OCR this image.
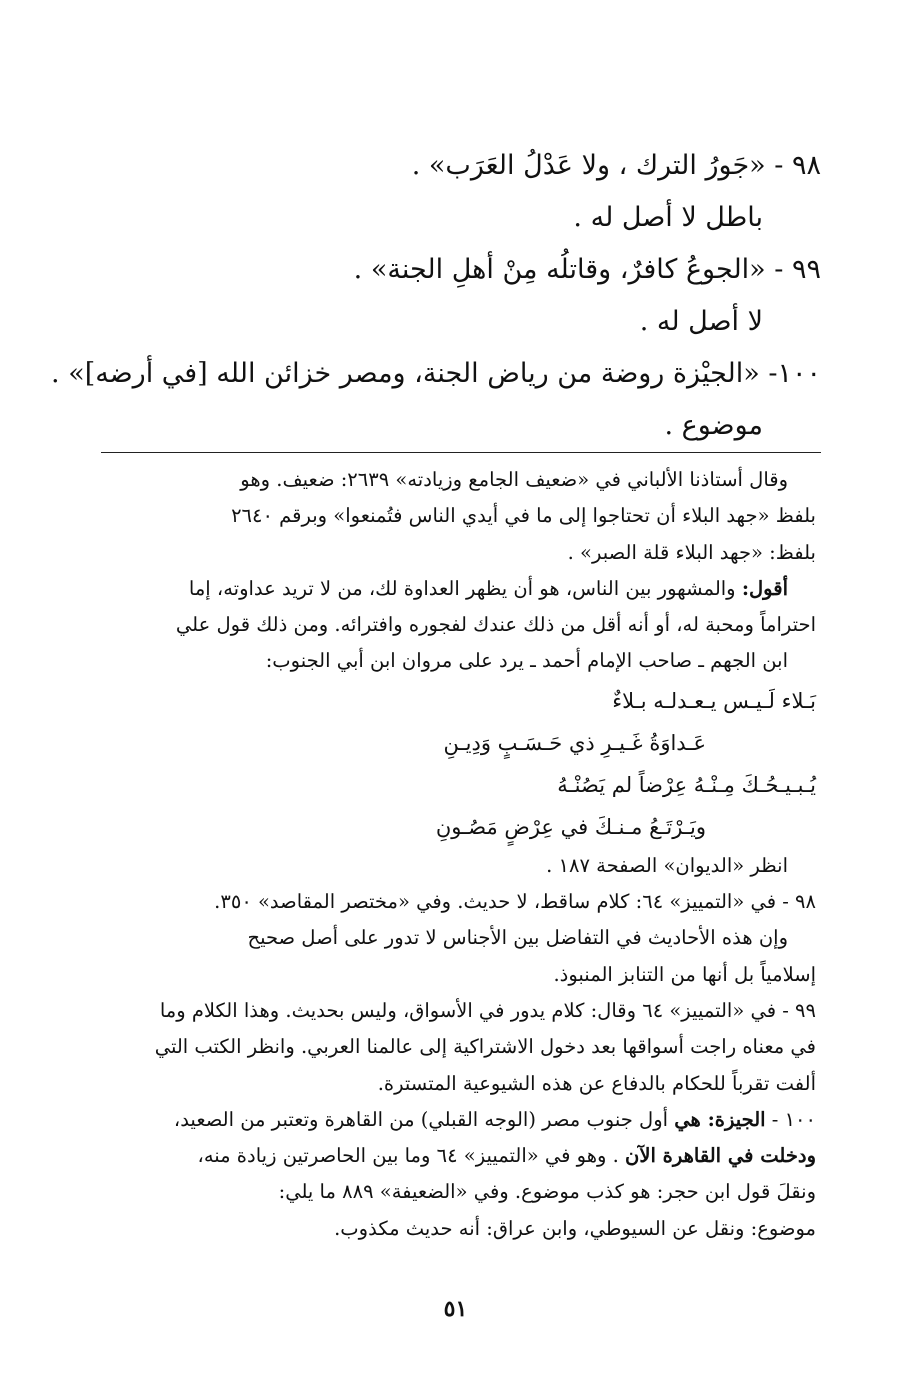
٩٨ - «جَورُ الترك ، ولا عَدْلُ العَرَب» .
باطل لا أصل له .
٩٩ - «الجوعُ كافرٌ، وقاتلُه مِنْ أهلِ الجنة» .
لا أصل له .
١٠٠- «الجيْزة روضة من رياض الجنة، ومصر خزائن الله [في أرضه]» .
موضوع .
وقال أستاذنا الألباني في «ضعيف الجامع وزيادته» ٢٦٣٩: ضعيف. وهو
بلفظ «جهد البلاء أن تحتاجوا إلى ما في أيدي الناس فتُمنعوا» وبرقم ٢٦٤٠
بلفظ: «جهد البلاء قلة الصبر» .
أقول: والمشهور بين الناس، هو أن يظهر العداوة لك، من لا تريد عداوته، إما
احتراماً ومحبة له، أو أنه أقل من ذلك عندك لفجوره وافترائه. ومن ذلك قول علي
ابن الجهم ـ صاحب الإمام أحمد ـ يرد على مروان ابن أبي الجنوب:
بَـلاء لَـيـس يـعـدلـه بـلاءٌ
عَـداوَةُ غَـيـرِ ذي حَـسَـبٍ وَدِيـنِ
يُـبـيـحُـكَ مِـنْـهُ عِرْضاً لم يَصُنْـهُ
ويَـرْتَـعُ مـنـكَ في عِرْضٍ مَصُـونِ
انظر «الديوان» الصفحة ١٨٧ .
٩٨ - في «التمييز» ٦٤: كلام ساقط، لا حديث. وفي «مختصر المقاصد» ٣٥٠.
وإن هذه الأحاديث في التفاضل بين الأجناس لا تدور على أصل صحيح
إسلامياً بل أنها من التنابز المنبوذ.
٩٩ - في «التمييز» ٦٤ وقال: كلام يدور في الأسواق، وليس بحديث. وهذا الكلام وما
في معناه راجت أسواقها بعد دخول الاشتراكية إلى عالمنا العربي. وانظر الكتب التي
ألفت تقرباً للحكام بالدفاع عن هذه الشيوعية المتسترة.
١٠٠ - الجيزة: هي أول جنوب مصر (الوجه القبلي) من القاهرة وتعتبر من الصعيد،
ودخلت في القاهرة الآن . وهو في «التمييز» ٦٤ وما بين الحاصرتين زيادة منه،
ونقلَ قول ابن حجر: هو كذب موضوع. وفي «الضعيفة» ٨٨٩ ما يلي:
موضوع: ونقل عن السيوطي، وابن عراق: أنه حديث مكذوب.
٥١
